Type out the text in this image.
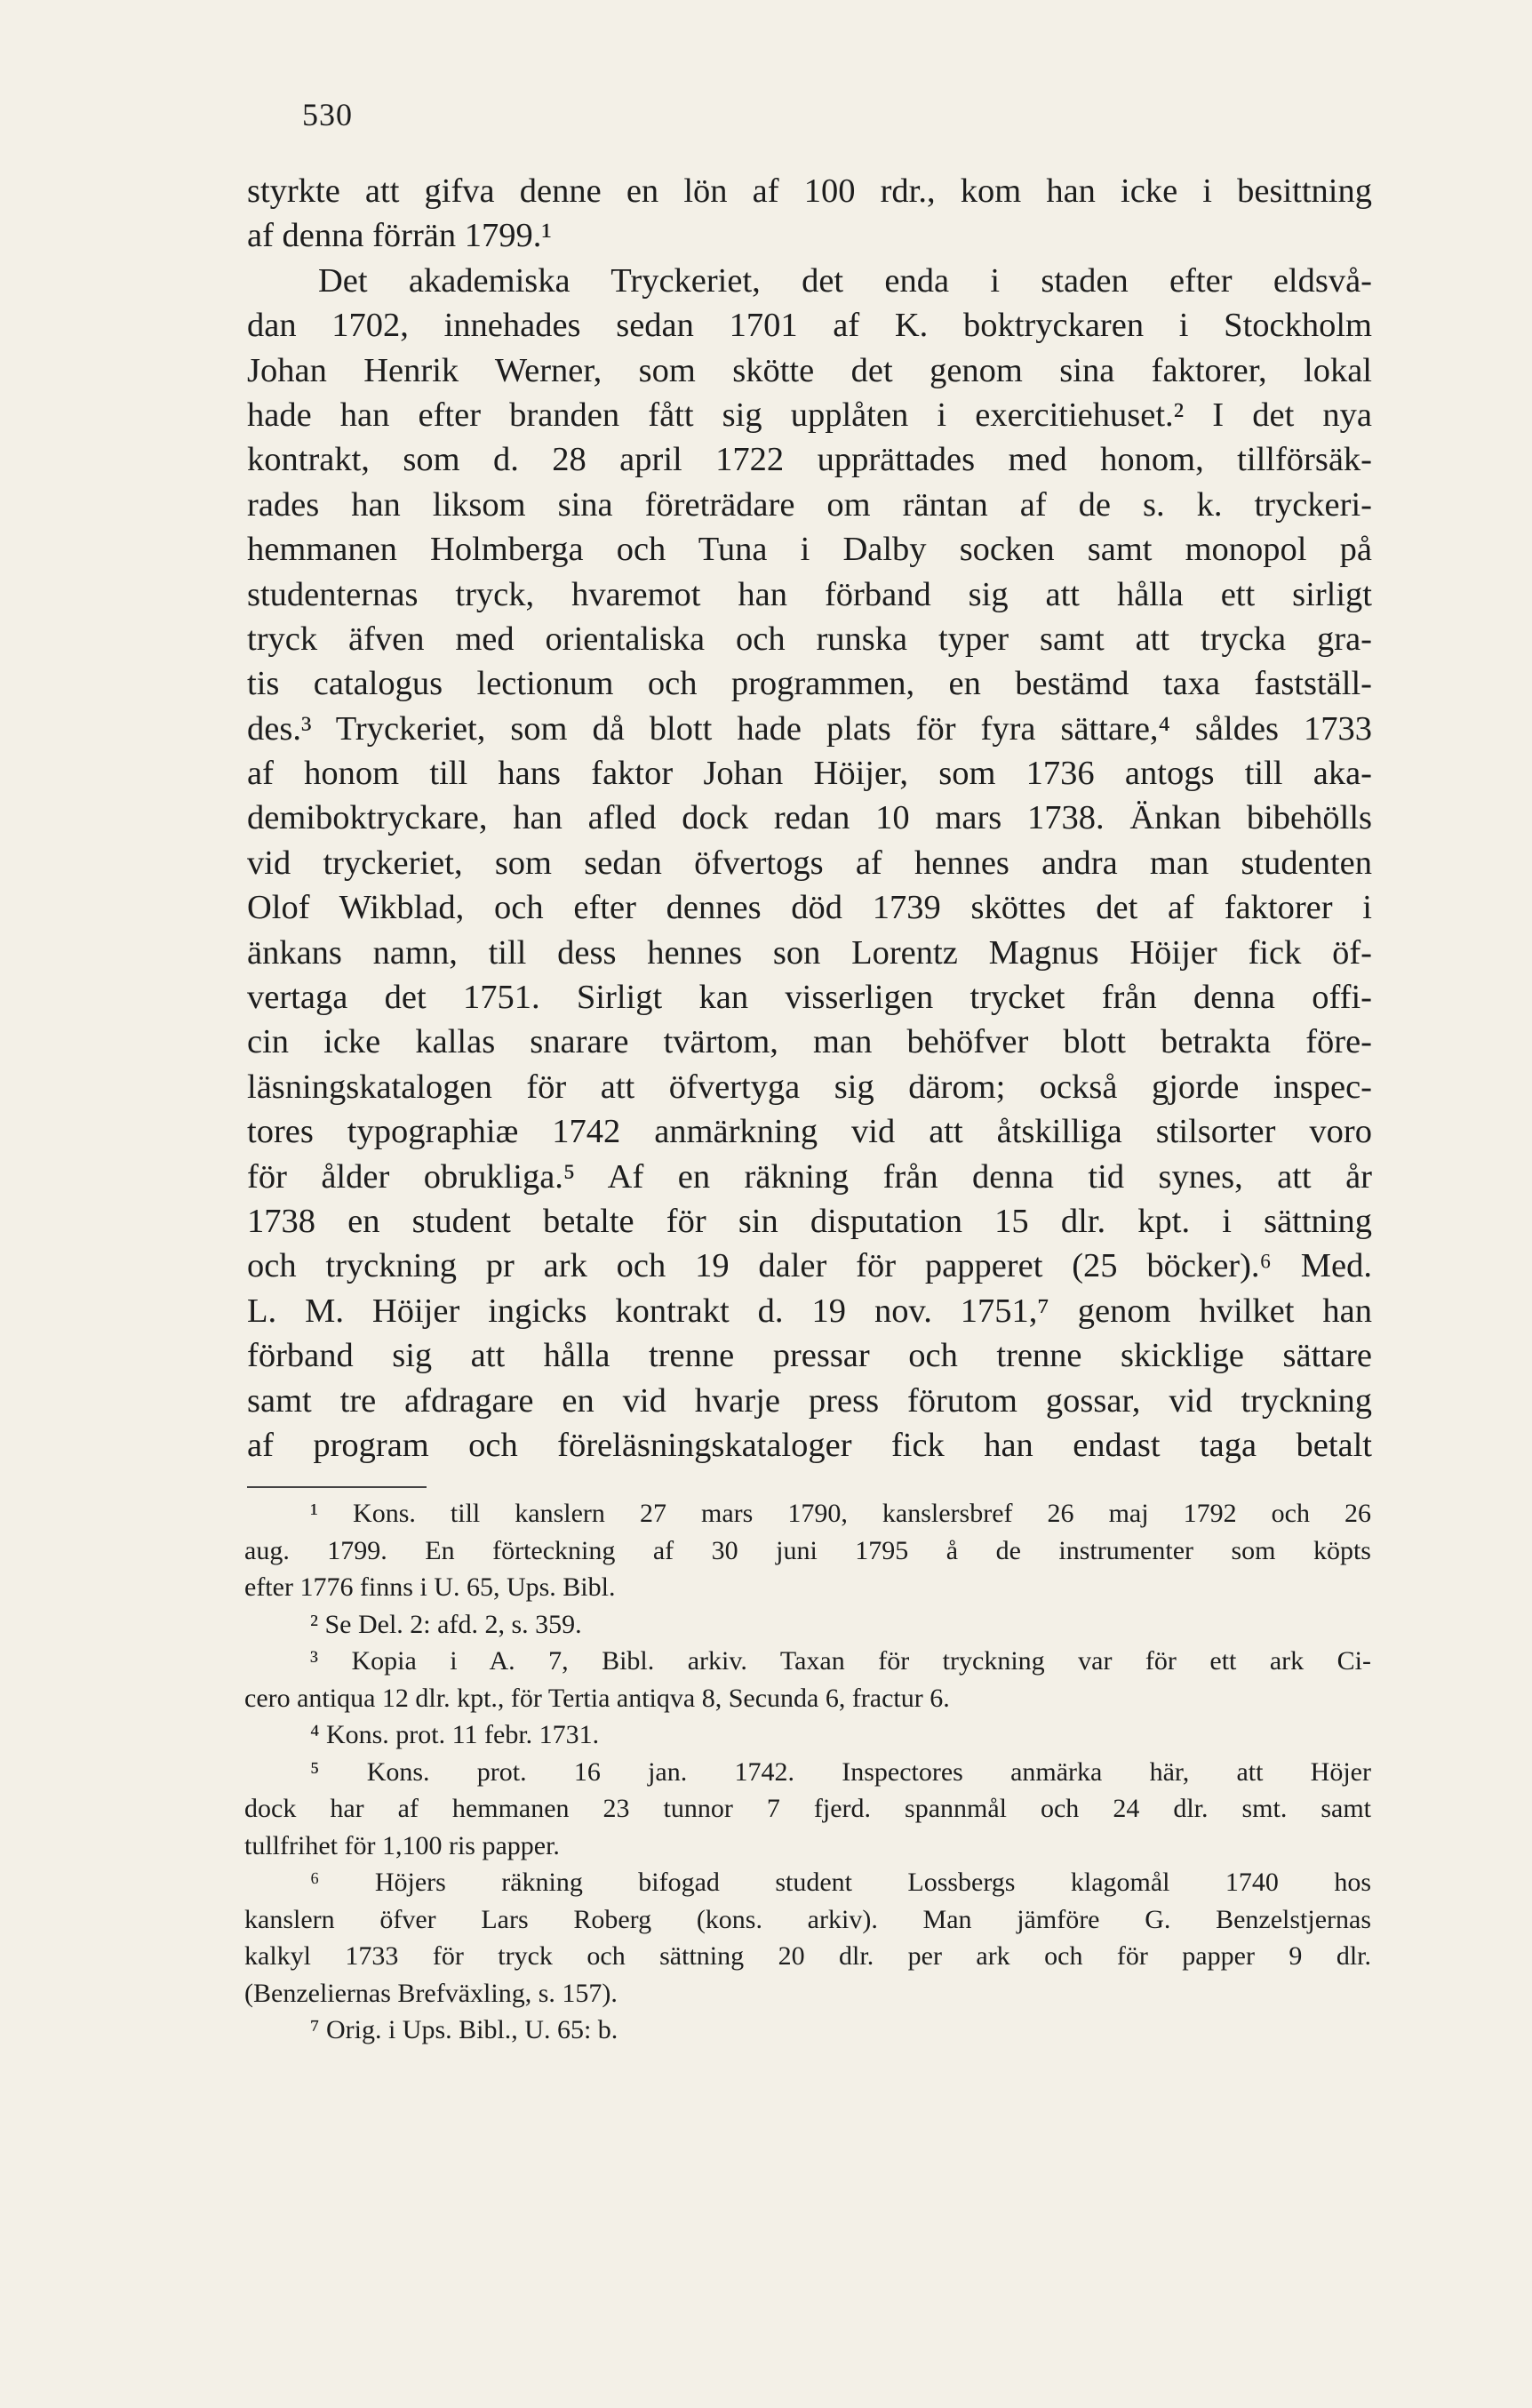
530
styrkte att gifva denne en lön af 100 rdr., kom han icke i besittning
af denna förrän 1799.¹
Det akademiska Tryckeriet, det enda i staden efter eldsvå-
dan 1702, innehades sedan 1701 af K. boktryckaren i Stockholm
Johan Henrik Werner, som skötte det genom sina faktorer, lokal
hade han efter branden fått sig upplåten i exercitiehuset.² I det nya
kontrakt, som d. 28 april 1722 upprättades med honom, tillförsäk-
rades han liksom sina företrädare om räntan af de s. k. tryckeri-
hemmanen Holmberga och Tuna i Dalby socken samt monopol på
studenternas tryck, hvaremot han förband sig att hålla ett sirligt
tryck äfven med orientaliska och runska typer samt att trycka gra-
tis catalogus lectionum och programmen, en bestämd taxa fastställ-
des.³ Tryckeriet, som då blott hade plats för fyra sättare,⁴ såldes 1733
af honom till hans faktor Johan Höijer, som 1736 antogs till aka-
demiboktryckare, han afled dock redan 10 mars 1738. Änkan bibehölls
vid tryckeriet, som sedan öfvertogs af hennes andra man studenten
Olof Wikblad, och efter dennes död 1739 sköttes det af faktorer i
änkans namn, till dess hennes son Lorentz Magnus Höijer fick öf-
vertaga det 1751. Sirligt kan visserligen trycket från denna offi-
cin icke kallas snarare tvärtom, man behöfver blott betrakta före-
läsningskatalogen för att öfvertyga sig därom; också gjorde inspec-
tores typographiæ 1742 anmärkning vid att åtskilliga stilsorter voro
för ålder obrukliga.⁵ Af en räkning från denna tid synes, att år
1738 en student betalte för sin disputation 15 dlr. kpt. i sättning
och tryckning pr ark och 19 daler för papperet (25 böcker).⁶ Med.
L. M. Höijer ingicks kontrakt d. 19 nov. 1751,⁷ genom hvilket han
förband sig att hålla trenne pressar och trenne skicklige sättare
samt tre afdragare en vid hvarje press förutom gossar, vid tryckning
af program och föreläsningskataloger fick han endast taga betalt
¹ Kons. till kanslern 27 mars 1790, kanslersbref 26 maj 1792 och 26
aug. 1799. En förteckning af 30 juni 1795 å de instrumenter som köpts
efter 1776 finns i U. 65, Ups. Bibl.
² Se Del. 2: afd. 2, s. 359.
³ Kopia i A. 7, Bibl. arkiv. Taxan för tryckning var för ett ark Ci-
cero antiqua 12 dlr. kpt., för Tertia antiqva 8, Secunda 6, fractur 6.
⁴ Kons. prot. 11 febr. 1731.
⁵ Kons. prot. 16 jan. 1742. Inspectores anmärka här, att Höjer
dock har af hemmanen 23 tunnor 7 fjerd. spannmål och 24 dlr. smt. samt
tullfrihet för 1,100 ris papper.
⁶ Höjers räkning bifogad student Lossbergs klagomål 1740 hos
kanslern öfver Lars Roberg (kons. arkiv). Man jämföre G. Benzelstjernas
kalkyl 1733 för tryck och sättning 20 dlr. per ark och för papper 9 dlr.
(Benzeliernas Brefväxling, s. 157).
⁷ Orig. i Ups. Bibl., U. 65: b.
